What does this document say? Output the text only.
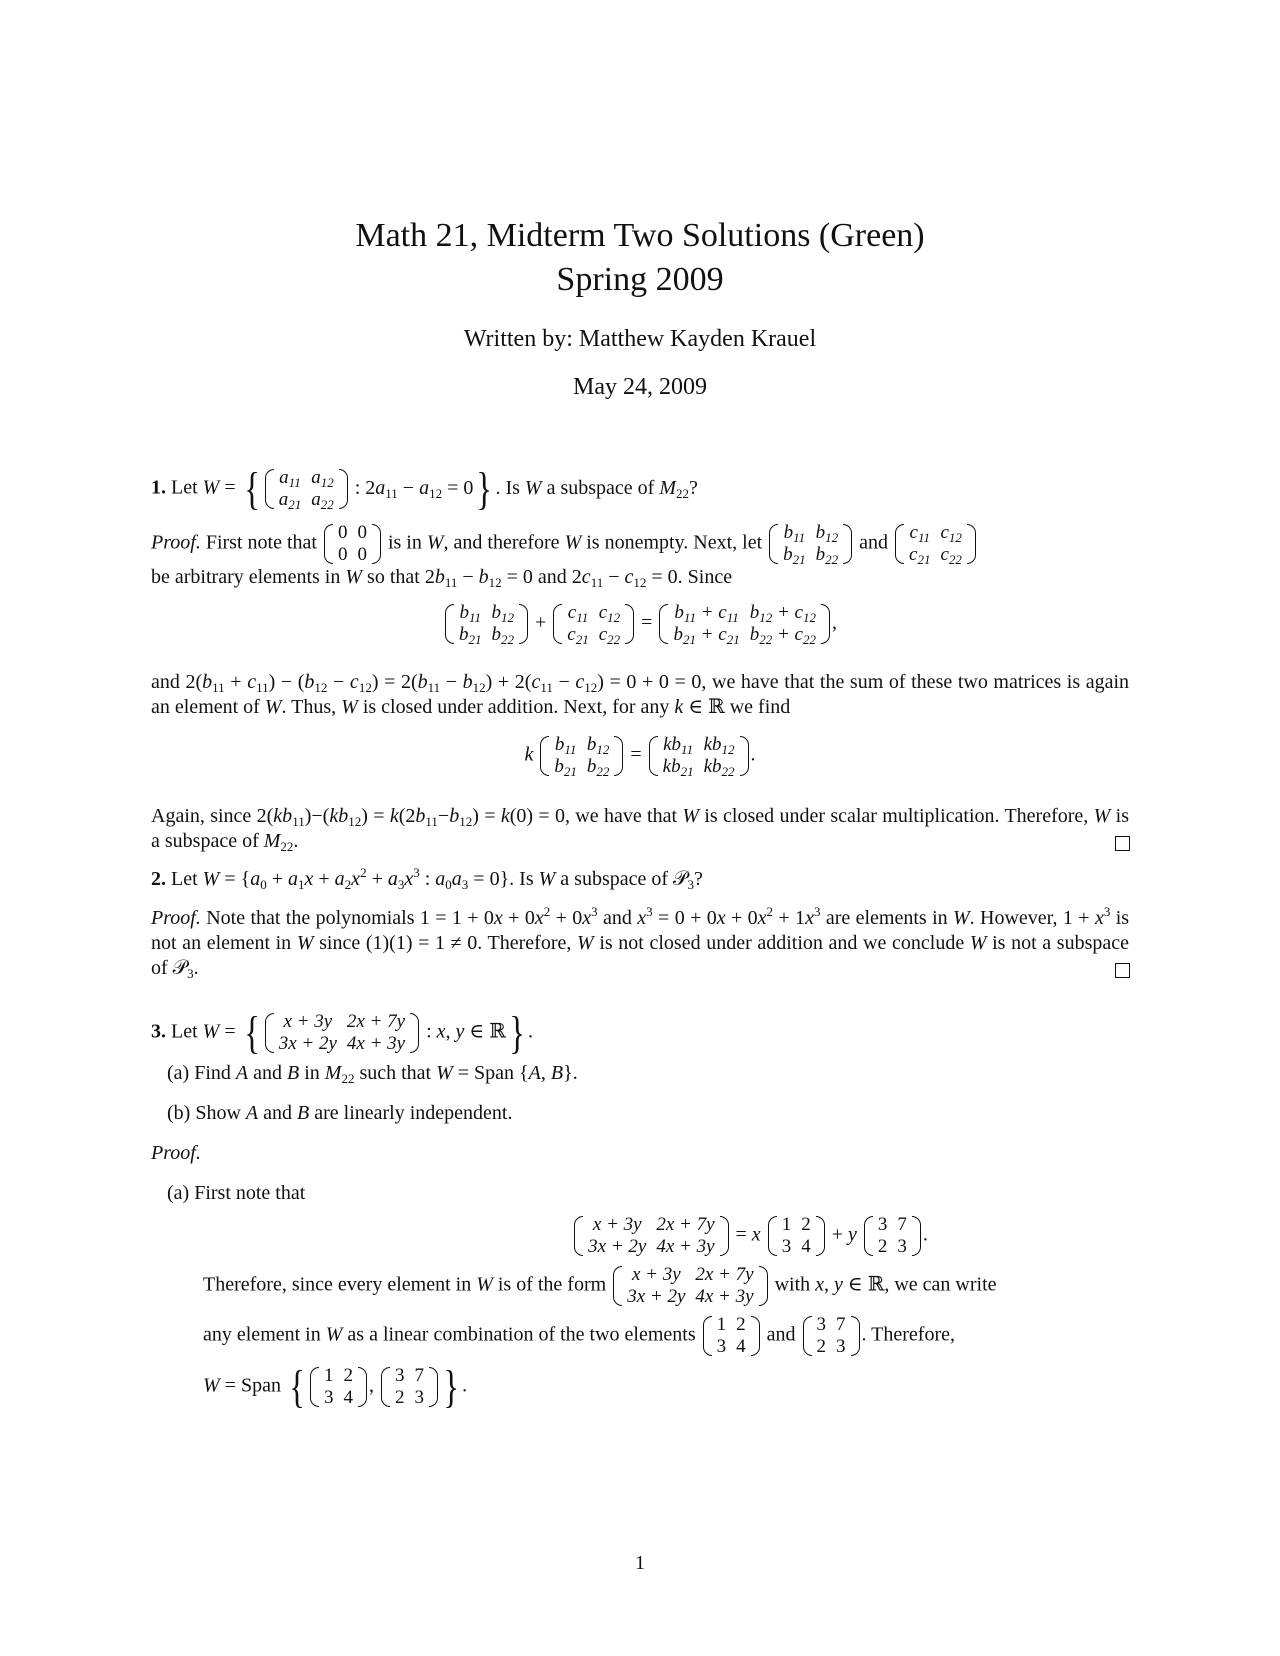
Math 21, Midterm Two Solutions (Green)
Spring 2009
Written by: Matthew Kayden Krauel
May 24, 2009
1. Let W = { $a_{11}$	$a_{12}$
$a_{21}$	$a_{22}$
: $2a_{11} - a_{12} = 0$} . Is W a subspace of $M_{22}$?
Proof. First note that 0	0
0	0
is in W, and therefore W is nonempty. Next, let $b_{11}$	$b_{12}$
$b_{21}$	$b_{22}$
and $c_{11}$	$c_{12}$
$c_{21}$	$c_{22}$
be arbitrary elements in W so that $2b_{11} - b_{12} = 0$ and $2c_{11} - c_{12} = 0$. Since
$b_{11}$	$b_{12}$
$b_{21}$	$b_{22}$
+ $c_{11}$	$c_{12}$
$c_{21}$	$c_{22}$
= $b_{11} + c_{11}$	$b_{12} + c_{12}$
$b_{21} + c_{21}$	$b_{22} + c_{22}$
,
and $2(b_{11} + c_{11}) - (b_{12} - c_{12}) = 2(b_{11} - b_{12}) + 2(c_{11} - c_{12}) = 0 + 0 = 0$, we have that the sum of these two matrices is again an element of W. Thus, W is closed under addition. Next, for any k ∈ ℝ we find
k $b_{11}$	$b_{12}$
$b_{21}$	$b_{22}$
= $kb_{11}$	$kb_{12}$
$kb_{21}$	$kb_{22}$
.
Again, since $2(kb_{11})-(kb_{12}) = k(2b_{11}-b_{12}) = k(0) = 0$, we have that W is closed under scalar multiplication. Therefore, W is a subspace of $M_{22}$.
2. Let $W = \{a_0 + a_1x + a_2x^2 + a_3x^3$ : $a_0a_3 = 0$}. Is W a subspace of 𝒫$_3$?
Proof. Note that the polynomials $1 = 1 + 0x + 0x^2 + 0x^3$ and $x^3 = 0 + 0x + 0x^2 + 1x^3$ are elements in W. However, $1 + x^3$ is not an element in W since (1)(1) = 1 ≠ 0. Therefore, W is not closed under addition and we conclude W is not a subspace of 𝒫$_3$.
3. Let W = { x + 3y	2x + 7y
3x + 2y	4x + 3y
: x, y ∈ ℝ} .
(a) Find A and B in $M_{22}$ such that W = Span {A, B}.
(b) Show A and B are linearly independent.
Proof.
(a) First note that
x + 3y	2x + 7y
3x + 2y	4x + 3y
= x 1	2
3	4
+ y 3	7
2	3
.
Therefore, since every element in W is of the form x + 3y	2x + 7y
3x + 2y	4x + 3y
with x, y ∈ ℝ, we can write
any element in W as a linear combination of the two elements 1	2
3	4
and 3	7
2	3
. Therefore,
W = Span { 1	2
3	4
, 3	7
2	3 } .
1
